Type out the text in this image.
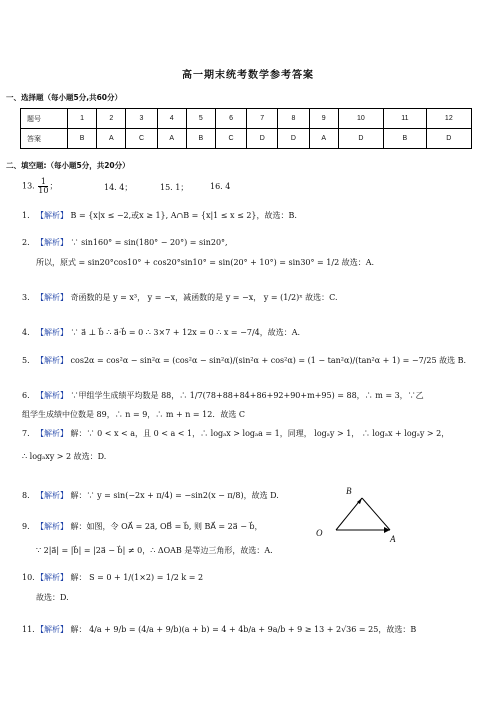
高一期末统考数学参考答案
一、选择题（每小题5分,共60分）
题号	1	2	3	4	5	6	7	8	9	10	11	12
答案	B	A	C	A	B	C	D	D	A	D	B	D
二、填空题:（每小题5分，共20分）
13. $\frac{1}{10}$ ；	14. 4；	15. 1；	16. 4
1. 【解析】 B = {x|x ≤ −2,或x ≥ 1}, A∩B = {x|1 ≤ x ≤ 2}，故选：B.
2. 【解析】 ∵ sin160° = sin(180° − 20°) = sin20°,
所以，原式 = sin20°cos10° + cos20°sin10° = sin(20° + 10°) = sin30° = 1/2 故选：A.
3. 【解析】 奇函数的是 y = x³， y = −x，减函数的是 y = −x， y = (1/2)ˣ 故选：C.
4. 【解析】 ∵ a⃗ ⊥ b⃗ ∴ a⃗·b⃗ = 0 ∴ 3×7 + 12x = 0 ∴ x = −7/4，故选：A.
5. 【解析】 cos2α = cos²α − sin²α = (cos²α − sin²α)/(sin²α + cos²α) = (1 − tan²α)/(tan²α + 1) = −7/25 故选 B.
6. 【解析】 ∵甲组学生成绩平均数是 88，∴ 1/7(78+88+84+86+92+90+m+95) = 88，∴ m = 3，∵乙
组学生成绩中位数是 89，∴ n = 9，∴ m + n = 12．故选 C
7. 【解析】 解：∵ 0 < x < a，且 0 < a < 1，∴ logₐx > logₐa = 1，同理， logₐy > 1， ∴ logₐx + logₐy > 2，
∴ logₐxy > 2 故选：D.
8. 【解析】 解：∵ y = sin(−2x + π/4) = −sin2(x − π/8)，故选 D.
9. 【解析】 解：如图，令 OA⃗ = 2a⃗, OB⃗ = b⃗, 则 BA⃗ = 2a⃗ − b⃗，
∵ 2|a⃗| = |b⃗| = |2a⃗ − b⃗| ≠ 0，∴ ΔOAB 是等边三角形，故选：A.
10.【解析】 解： S = 0 + 1/(1×2) = 1/2 k = 2
故选：D.
11.【解析】 解： 4/a + 9/b = (4/a + 9/b)(a + b) = 4 + 4b/a + 9a/b + 9 ≥ 13 + 2√36 = 25，故选：B
O
A
B
